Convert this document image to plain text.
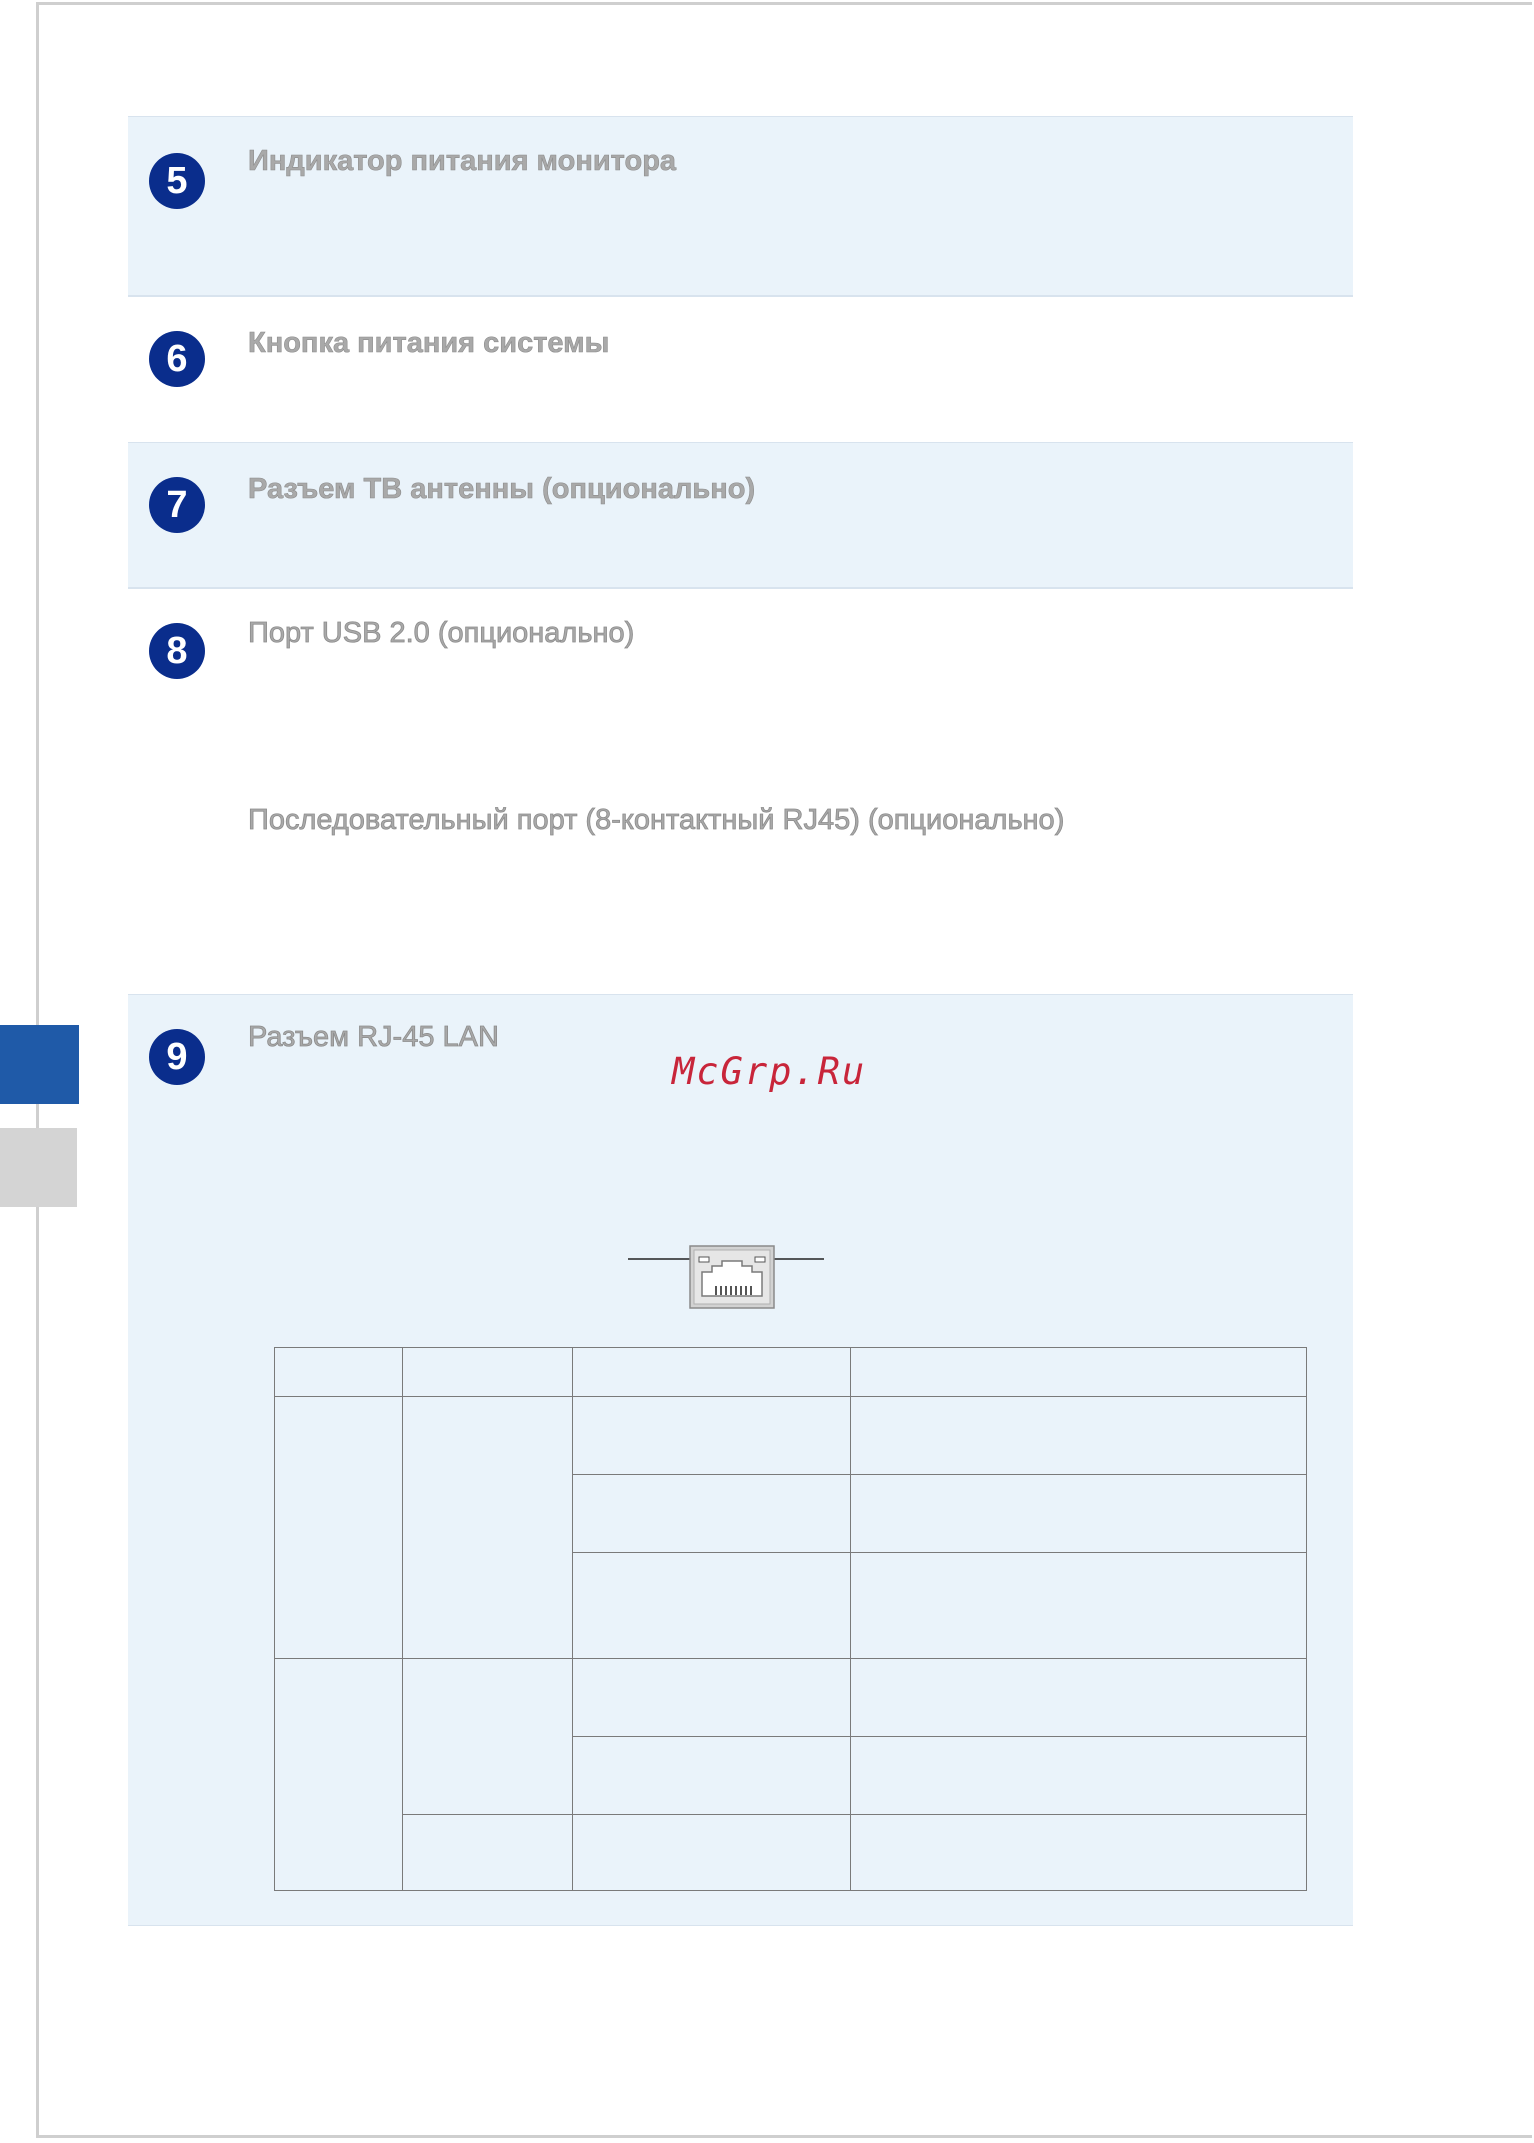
5	Индикатор питания монитора
6	Кнопка питания системы
7	Разъем ТВ антенны (опционально)
8	Порт USB 2.0 (опционально)
Последовательный порт (8-контактный RJ45) (опционально)
9	Разъем RJ-45 LAN
McGrp.Ru
